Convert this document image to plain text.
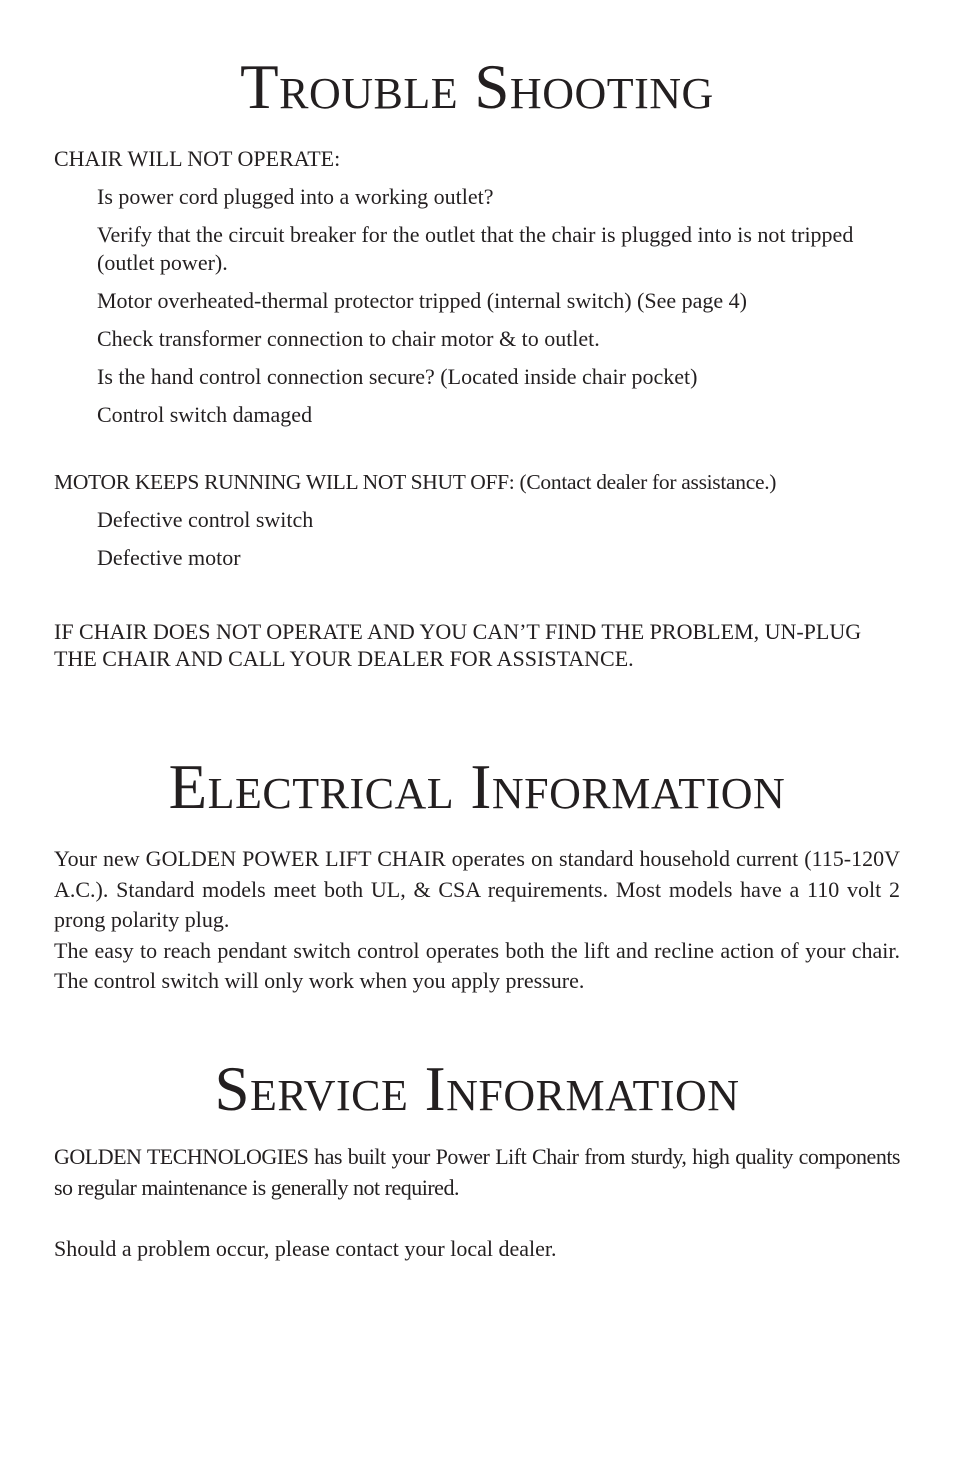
Trouble Shooting

CHAIR WILL NOT OPERATE:

Is power cord plugged into a working outlet?
Verify that the circuit breaker for the outlet that the chair is plugged into is not tripped (outlet power).
Motor overheated-thermal protector tripped (internal switch) (See page 4)
Check transformer connection to chair motor & to outlet.
Is the hand control connection secure? (Located inside chair pocket)
Control switch damaged

MOTOR KEEPS RUNNING WILL NOT SHUT OFF: (Contact dealer for assistance.)

Defective control switch
Defective motor

IF CHAIR DOES NOT OPERATE AND YOU CAN’T FIND THE PROBLEM, UN-PLUG THE CHAIR AND CALL YOUR DEALER FOR ASSISTANCE.

Electrical Information

Your new GOLDEN POWER LIFT CHAIR operates on standard household current (115-120V A.C.). Standard models meet both UL, & CSA requirements. Most models have a 110 volt 2 prong polarity plug.

The easy to reach pendant switch control operates both the lift and recline action of your chair. The control switch will only work when you apply pressure.

Service Information

GOLDEN TECHNOLOGIES has built your Power Lift Chair from sturdy, high quality components so regular maintenance is generally not required.

Should a problem occur, please contact your local dealer.
